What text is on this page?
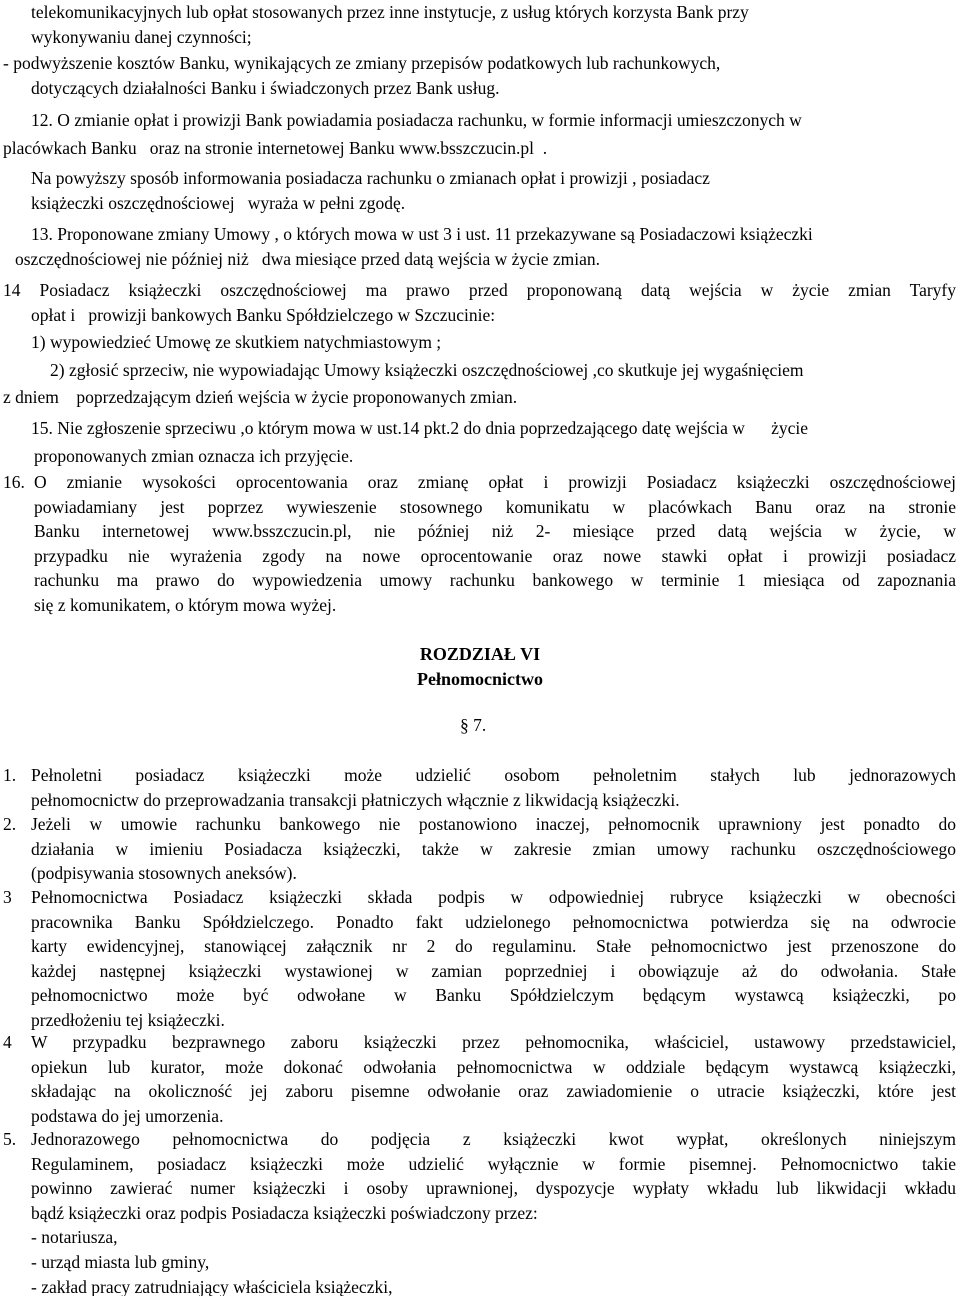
telekomunikacyjnych lub opłat stosowanych przez inne instytucje, z usług których korzysta Bank przy
wykonywaniu danej czynności;
- podwyższenie kosztów Banku, wynikających ze zmiany przepisów podatkowych lub rachunkowych,
dotyczących działalności Banku i świadczonych przez Bank usług.
12. O zmianie opłat i prowizji Bank powiadamia posiadacza rachunku, w formie informacji umieszczonych w
placówkach Banku   oraz na stronie internetowej Banku www.bsszczucin.pl  .
Na powyższy sposób informowania posiadacza rachunku o zmianach opłat i prowizji , posiadacz
książeczki oszczędnościowej   wyraża w pełni zgodę.
13. Proponowane zmiany Umowy , o których mowa w ust 3 i ust. 11 przekazywane są Posiadaczowi książeczki
oszczędnościowej nie później niż   dwa miesiące przed datą wejścia w życie zmian.
14 Posiadacz książeczki oszczędnościowej ma prawo przed proponowaną datą wejścia w życie zmian Taryfy
opłat i   prowizji bankowych Banku Spółdzielczego w Szczucinie:
1) wypowiedzieć Umowę ze skutkiem natychmiastowym ;
2) zgłosić sprzeciw, nie wypowiadając Umowy książeczki oszczędnościowej ,co skutkuje jej wygaśnięciem
z dniem    poprzedzającym dzień wejścia w życie proponowanych zmian.
15. Nie zgłoszenie sprzeciwu ,o którym mowa w ust.14 pkt.2 do dnia poprzedzającego datę wejścia w      życie
proponowanych zmian oznacza ich przyjęcie.
16. O zmianie wysokości oprocentowania oraz zmianę opłat i prowizji Posiadacz książeczki oszczędnościowej
powiadamiany jest poprzez wywieszenie stosownego komunikatu w placówkach Banu oraz na stronie
Banku internetowej www.bsszczucin.pl, nie później niż 2- miesiące przed datą wejścia w życie, w
przypadku nie wyrażenia zgody na nowe oprocentowanie oraz nowe stawki opłat i prowizji posiadacz
rachunku ma prawo do wypowiedzenia umowy rachunku bankowego w terminie 1 miesiąca od zapoznania
się z komunikatem, o którym mowa wyżej.
ROZDZIAŁ VI
Pełnomocnictwo
§ 7.
1. Pełnoletni posiadacz książeczki może udzielić osobom pełnoletnim stałych lub jednorazowych
pełnomocnictw do przeprowadzania transakcji płatniczych włącznie z likwidacją książeczki.
2. Jeżeli w umowie rachunku bankowego nie postanowiono inaczej, pełnomocnik uprawniony jest ponadto do
działania w imieniu Posiadacza książeczki, także w zakresie zmian umowy rachunku oszczędnościowego
(podpisywania stosownych aneksów).
3 Pełnomocnictwa Posiadacz książeczki składa podpis w odpowiedniej rubryce książeczki w obecności
pracownika Banku Spółdzielczego. Ponadto fakt udzielonego pełnomocnictwa potwierdza się na odwrocie
karty ewidencyjnej, stanowiącej załącznik nr 2 do regulaminu. Stałe pełnomocnictwo jest przenoszone do
każdej następnej książeczki wystawionej w zamian poprzedniej i obowiązuje aż do odwołania. Stałe
pełnomocnictwo może być odwołane w Banku Spółdzielczym będącym wystawcą książeczki, po
przedłożeniu tej książeczki.
4 W przypadku bezprawnego zaboru książeczki przez pełnomocnika, właściciel, ustawowy przedstawiciel,
opiekun lub kurator, może dokonać odwołania pełnomocnictwa w oddziale będącym wystawcą książeczki,
składając na okoliczność jej zaboru pisemne odwołanie oraz zawiadomienie o utracie książeczki, które jest
podstawa do jej umorzenia.
5. Jednorazowego pełnomocnictwa do podjęcia z książeczki kwot wypłat, określonych niniejszym
Regulaminem, posiadacz książeczki może udzielić wyłącznie w formie pisemnej. Pełnomocnictwo takie
powinno zawierać numer książeczki i osoby uprawnionej, dyspozycje wypłaty wkładu lub likwidacji wkładu
bądź książeczki oraz podpis Posiadacza książeczki poświadczony przez:
- notariusza,
- urząd miasta lub gminy,
- zakład pracy zatrudniający właściciela książeczki,
